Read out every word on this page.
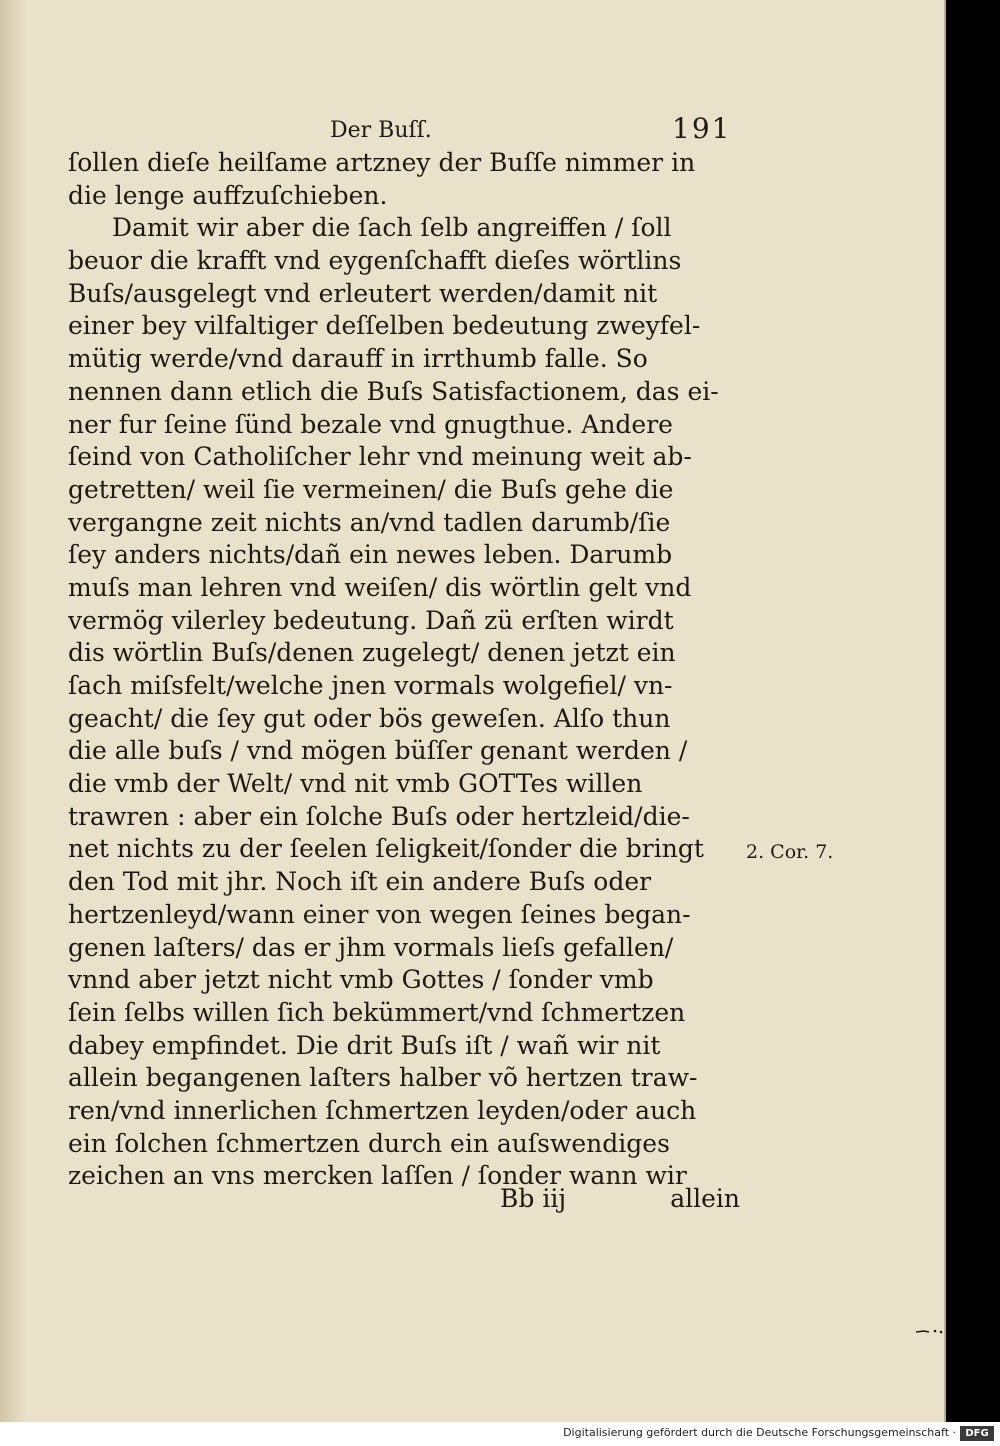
Der Buſſ.	191
ſollen dieſe heilſame artzney der Buſſe nimmer in
die lenge auffzuſchieben.
Damit wir aber die ſach ſelb angreiffen / ſoll
beuor die krafft vnd eygenſchafft dieſes wörtlins
Buſs/ausgelegt vnd erleutert werden/damit nit
einer bey vilfaltiger deſſelben bedeutung zweyfel-
mütig werde/vnd darauff in irrthumb falle. So
nennen dann etlich die Buſs Satisfactionem, das ei-
ner fur ſeine ſünd bezale vnd gnugthue. Andere
ſeind von Catholiſcher lehr vnd meinung weit ab-
getretten/ weil ſie vermeinen/ die Buſs gehe die
vergangne zeit nichts an/vnd tadlen darumb/ſie
ſey anders nichts/dañ ein newes leben. Darumb
muſs man lehren vnd weiſen/ dis wörtlin gelt vnd
vermög vilerley bedeutung. Dañ zü erſten wirdt
dis wörtlin Buſs/denen zugelegt/ denen jetzt ein
ſach miſsfelt/welche jnen vormals wolgefiel/ vn-
geacht/ die ſey gut oder bös geweſen. Alſo thun
die alle buſs / vnd mögen büſſer genant werden /
die vmb der Welt/ vnd nit vmb GOTTes willen
trawren : aber ein ſolche Buſs oder hertzleid/die-
net nichts zu der ſeelen ſeligkeit/ſonder die bringt
den Tod mit jhr. Noch iſt ein andere Buſs oder
hertzenleyd/wann einer von wegen ſeines began-
genen laſters/ das er jhm vormals lieſs gefallen/
vnnd aber jetzt nicht vmb Gottes / ſonder vmb
ſein ſelbs willen ſich bekümmert/vnd ſchmertzen
dabey empfindet. Die drit Buſs iſt / wañ wir nit
allein begangenen laſters halber võ hertzen traw-
ren/vnd innerlichen ſchmertzen leyden/oder auch
ein ſolchen ſchmertzen durch ein auſswendiges
zeichen an vns mercken laſſen / ſonder wann wir
2. Cor. 7.
Bb iij	allein
Digitalisierung gefördert durch die Deutsche Forschungsgemeinschaft · DFG
